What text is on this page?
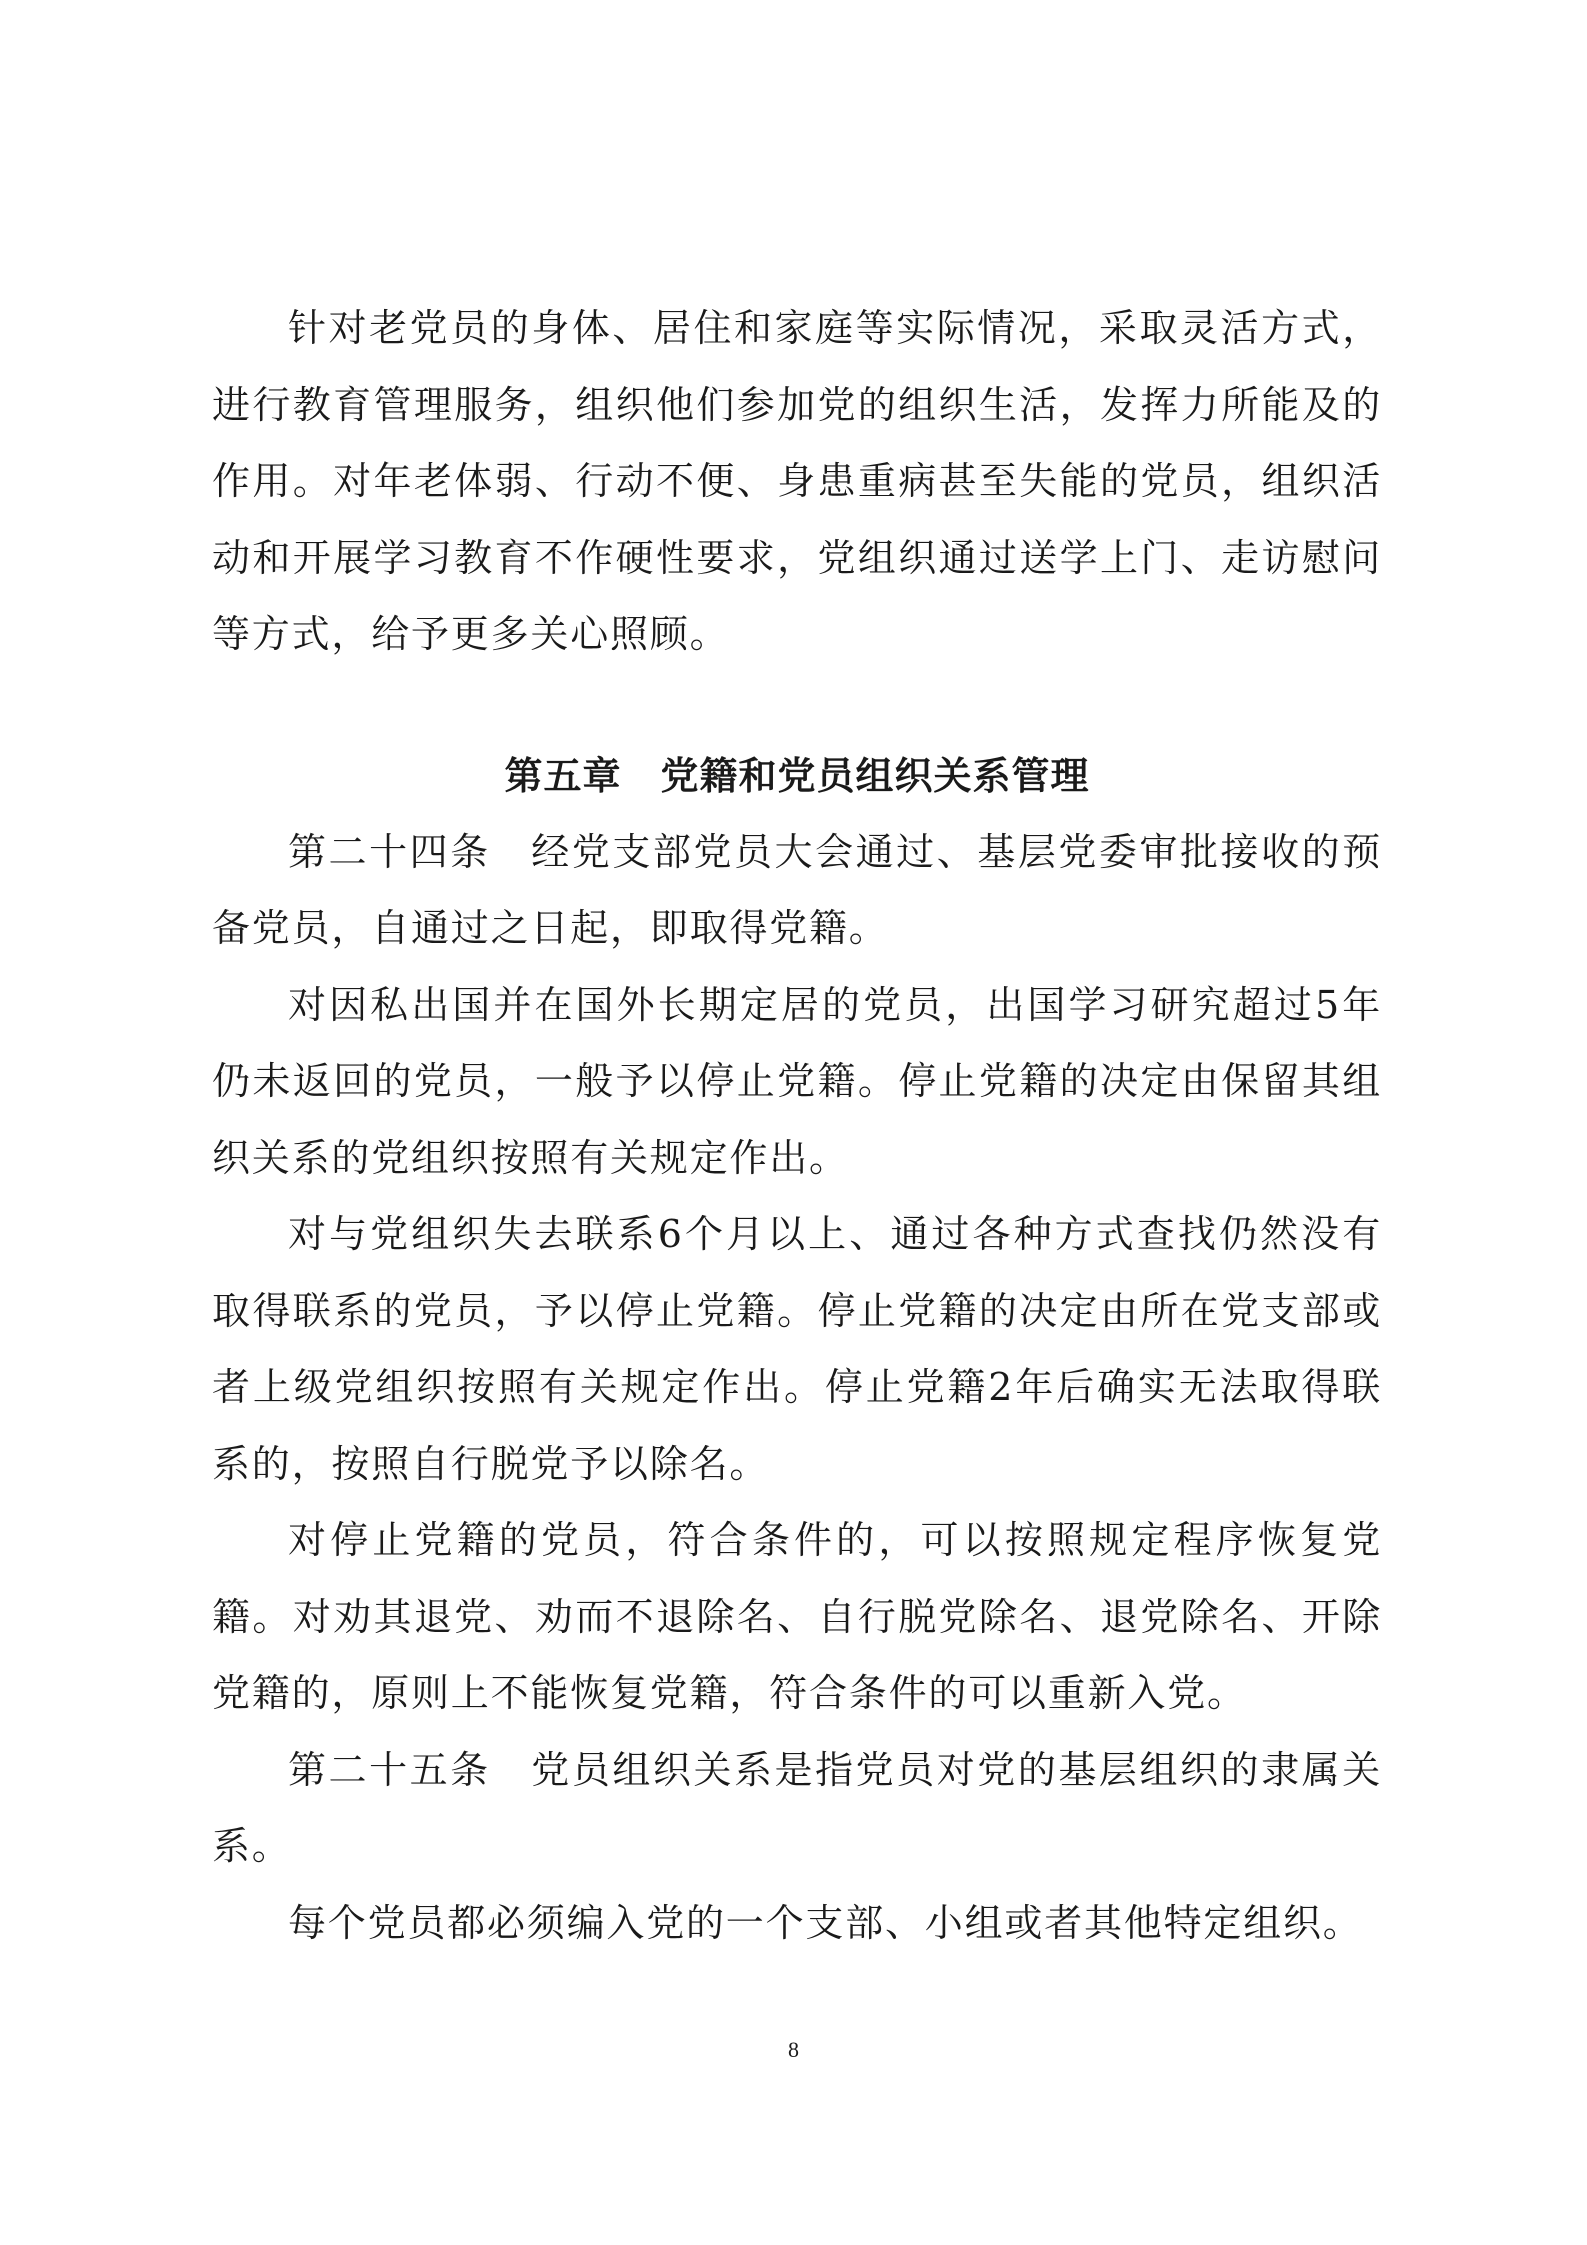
针对老党员的身体、居住和家庭等实际情况，采取灵活方式，进行教育管理服务，组织他们参加党的组织生活，发挥力所能及的作用。对年老体弱、行动不便、身患重病甚至失能的党员，组织活动和开展学习教育不作硬性要求，党组织通过送学上门、走访慰问等方式，给予更多关心照顾。

第五章　党籍和党员组织关系管理

第二十四条　经党支部党员大会通过、基层党委审批接收的预备党员，自通过之日起，即取得党籍。

对因私出国并在国外长期定居的党员，出国学习研究超过5年仍未返回的党员，一般予以停止党籍。停止党籍的决定由保留其组织关系的党组织按照有关规定作出。

对与党组织失去联系6个月以上、通过各种方式查找仍然没有取得联系的党员，予以停止党籍。停止党籍的决定由所在党支部或者上级党组织按照有关规定作出。停止党籍2年后确实无法取得联系的，按照自行脱党予以除名。

对停止党籍的党员，符合条件的，可以按照规定程序恢复党籍。对劝其退党、劝而不退除名、自行脱党除名、退党除名、开除党籍的，原则上不能恢复党籍，符合条件的可以重新入党。

第二十五条　党员组织关系是指党员对党的基层组织的隶属关系。

每个党员都必须编入党的一个支部、小组或者其他特定组织。

8
